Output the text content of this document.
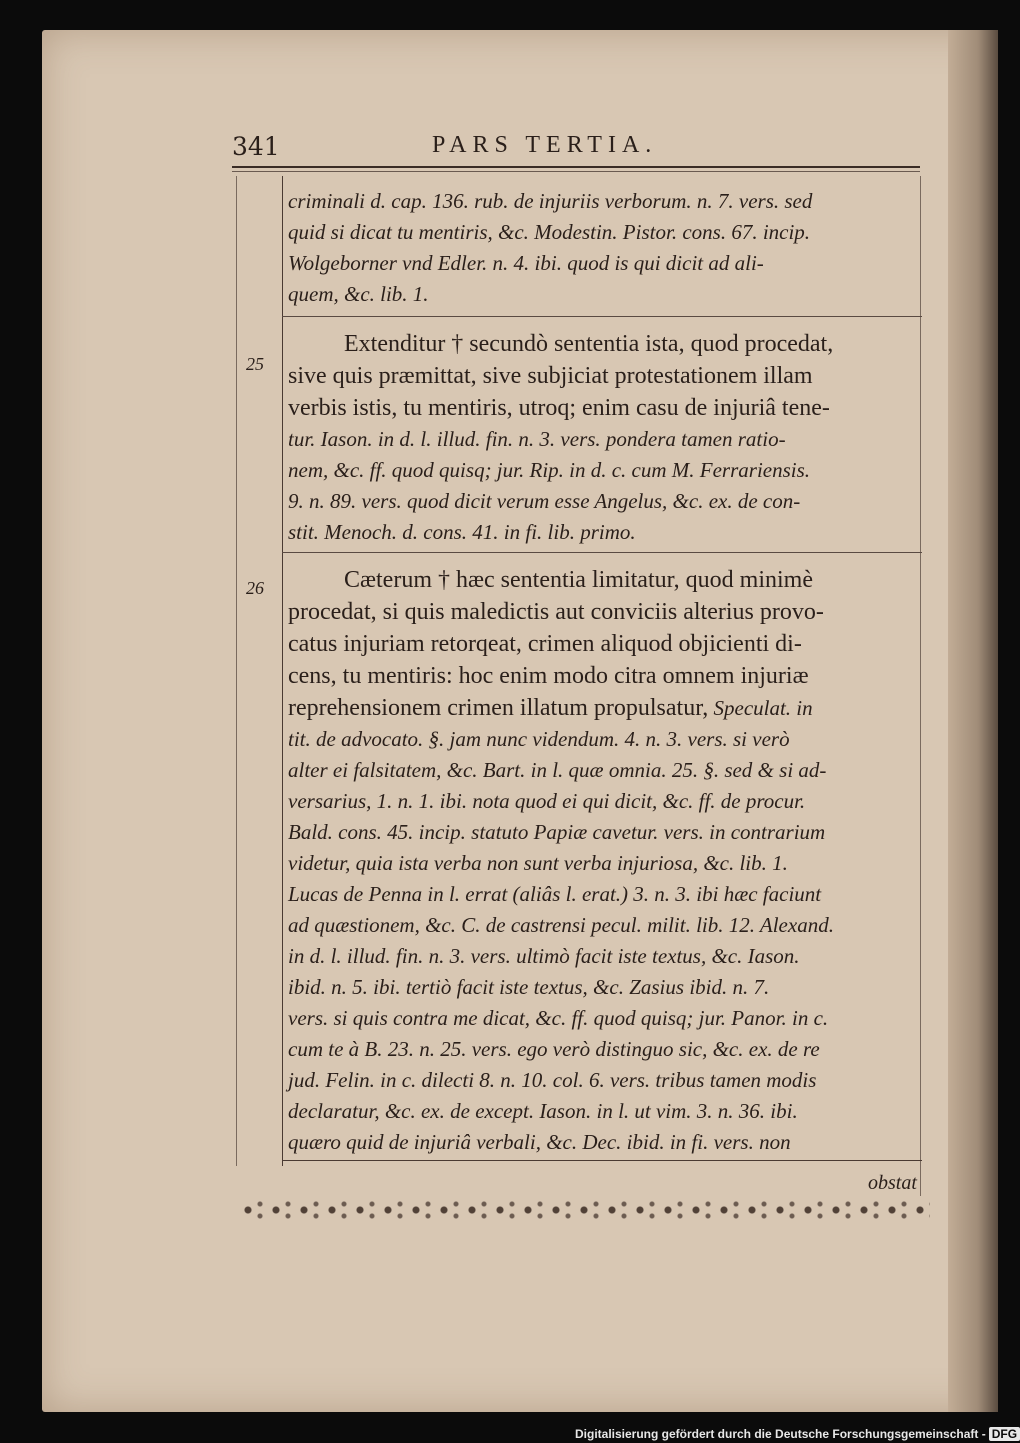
341	PARS TERTIA.
criminali d. cap. 136. rub. de injuriis verborum. n. 7. vers. sed
quid si dicat tu mentiris, &c. Modestin. Pistor. cons. 67. incip.
Wolgeborner vnd Edler. n. 4. ibi. quod is qui dicit ad ali-
quem, &c. lib. 1.
25
Extenditur † secundò sententia ista, quod procedat,
sive quis præmittat, sive subjiciat protestationem illam
verbis istis, tu mentiris, utroq; enim casu de injuriâ tene-
tur. Iason. in d. l. illud. fin. n. 3. vers. pondera tamen ratio-
nem, &c. ff. quod quisq; jur. Rip. in d. c. cum M. Ferrariensis.
9. n. 89. vers. quod dicit verum esse Angelus, &c. ex. de con-
stit. Menoch. d. cons. 41. in fi. lib. primo.
26	Cæterum † hæc sententia limitatur, quod minimè
procedat, si quis maledictis aut conviciis alterius provo-
catus injuriam retorqeat, crimen aliquod objicienti di-
cens, tu mentiris: hoc enim modo citra omnem injuriæ
reprehensionem crimen illatum propulsatur, Speculat. in
tit. de advocato. §. jam nunc videndum. 4. n. 3. vers. si verò
alter ei falsitatem, &c. Bart. in l. quæ omnia. 25. §. sed & si ad-
versarius, 1. n. 1. ibi. nota quod ei qui dicit, &c. ff. de procur.
Bald. cons. 45. incip. statuto Papiæ cavetur. vers. in contrarium
videtur, quia ista verba non sunt verba injuriosa, &c. lib. 1.
Lucas de Penna in l. errat (aliâs l. erat.) 3. n. 3. ibi hæc faciunt
ad quæstionem, &c. C. de castrensi pecul. milit. lib. 12. Alexand.
in d. l. illud. fin. n. 3. vers. ultimò facit iste textus, &c. Iason.
ibid. n. 5. ibi. tertiò facit iste textus, &c. Zasius ibid. n. 7.
vers. si quis contra me dicat, &c. ff. quod quisq; jur. Panor. in c.
cum te à B. 23. n. 25. vers. ego verò distinguo sic, &c. ex. de re
jud. Felin. in c. dilecti 8. n. 10. col. 6. vers. tribus tamen modis
declaratur, &c. ex. de except. Iason. in l. ut vim. 3. n. 36. ibi.
quæro quid de injuriâ verbali, &c. Dec. ibid. in fi. vers. non
obstat
Digitalisierung gefördert durch die Deutsche Forschungsgemeinschaft - DFG
